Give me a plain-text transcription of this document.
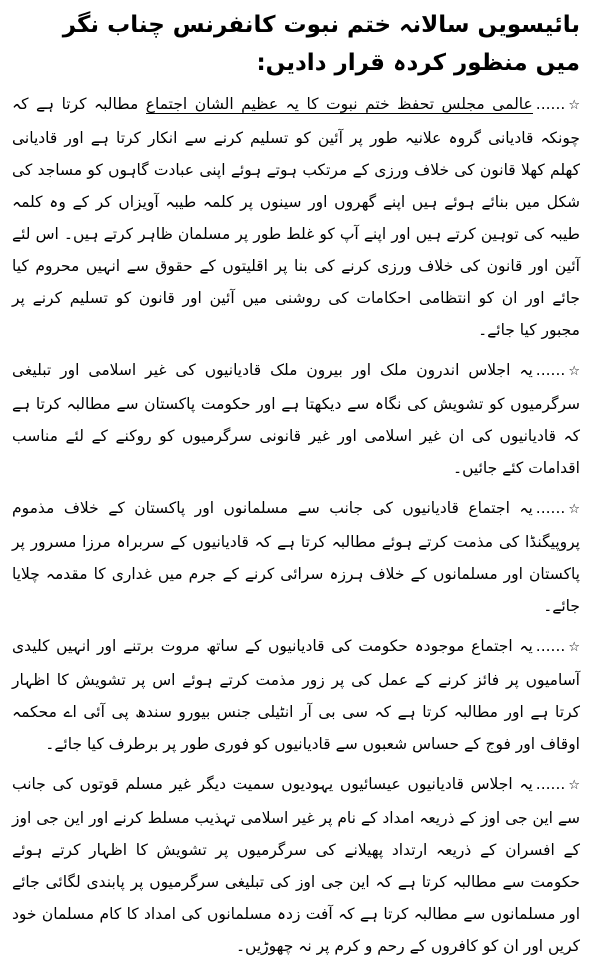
بائیسویں سالانہ ختم نبوت کانفرنس چناب نگر میں منظور کردہ قرار دادیں:

☆......عالمی مجلس تحفظ ختم نبوت کا یہ عظیم الشان اجتماع مطالبہ کرتا ہے کہ چونکہ قادیانی گروہ علانیہ طور پر آئین کو تسلیم کرنے سے انکار کرتا ہے اور قادیانی کھلم کھلا قانون کی خلاف ورزی کے مرتکب ہوتے ہوئے اپنی عبادت گاہوں کو مساجد کی شکل میں بنائے ہوئے ہیں اپنے گھروں اور سینوں پر کلمہ طیبہ آویزاں کر کے وہ کلمہ طیبہ کی توہین کرتے ہیں اور اپنے آپ کو غلط طور پر مسلمان ظاہر کرتے ہیں۔ اس لئے آئین اور قانون کی خلاف ورزی کرنے کی بنا پر اقلیتوں کے حقوق سے انہیں محروم کیا جائے اور ان کو انتظامی احکامات کی روشنی میں آئین اور قانون کو تسلیم کرنے پر مجبور کیا جائے۔

☆......یہ اجلاس اندرون ملک اور بیرون ملک قادیانیوں کی غیر اسلامی اور تبلیغی سرگرمیوں کو تشویش کی نگاہ سے دیکھتا ہے اور حکومت پاکستان سے مطالبہ کرتا ہے کہ قادیانیوں کی ان غیر اسلامی اور غیر قانونی سرگرمیوں کو روکنے کے لئے مناسب اقدامات کئے جائیں۔

☆......یہ اجتماع قادیانیوں کی جانب سے مسلمانوں اور پاکستان کے خلاف مذموم پروپیگنڈا کی مذمت کرتے ہوئے مطالبہ کرتا ہے کہ قادیانیوں کے سربراہ مرزا مسرور پر پاکستان اور مسلمانوں کے خلاف ہرزہ سرائی کرنے کے جرم میں غداری کا مقدمہ چلایا جائے۔

☆......یہ اجتماع موجودہ حکومت کی قادیانیوں کے ساتھ مروت برتنے اور انہیں کلیدی آسامیوں پر فائز کرنے کے عمل کی پر زور مذمت کرتے ہوئے اس پر تشویش کا اظہار کرتا ہے اور مطالبہ کرتا ہے کہ سی بی آر انٹیلی جنس بیورو سندھ پی آئی اے محکمہ اوقاف اور فوج کے حساس شعبوں سے قادیانیوں کو فوری طور پر برطرف کیا جائے۔

☆......یہ اجلاس قادیانیوں عیسائیوں یہودیوں سمیت دیگر غیر مسلم قوتوں کی جانب سے این جی اوز کے ذریعہ امداد کے نام پر غیر اسلامی تہذیب مسلط کرنے اور این جی اوز کے افسران کے ذریعہ ارتداد پھیلانے کی سرگرمیوں پر تشویش کا اظہار کرتے ہوئے حکومت سے مطالبہ کرتا ہے کہ این جی اوز کی تبلیغی سرگرمیوں پر پابندی لگائی جائے اور مسلمانوں سے مطالبہ کرتا ہے کہ آفت زدہ مسلمانوں کی امداد کا کام مسلمان خود کریں اور ان کو کافروں کے رحم و کرم پر نہ چھوڑیں۔
